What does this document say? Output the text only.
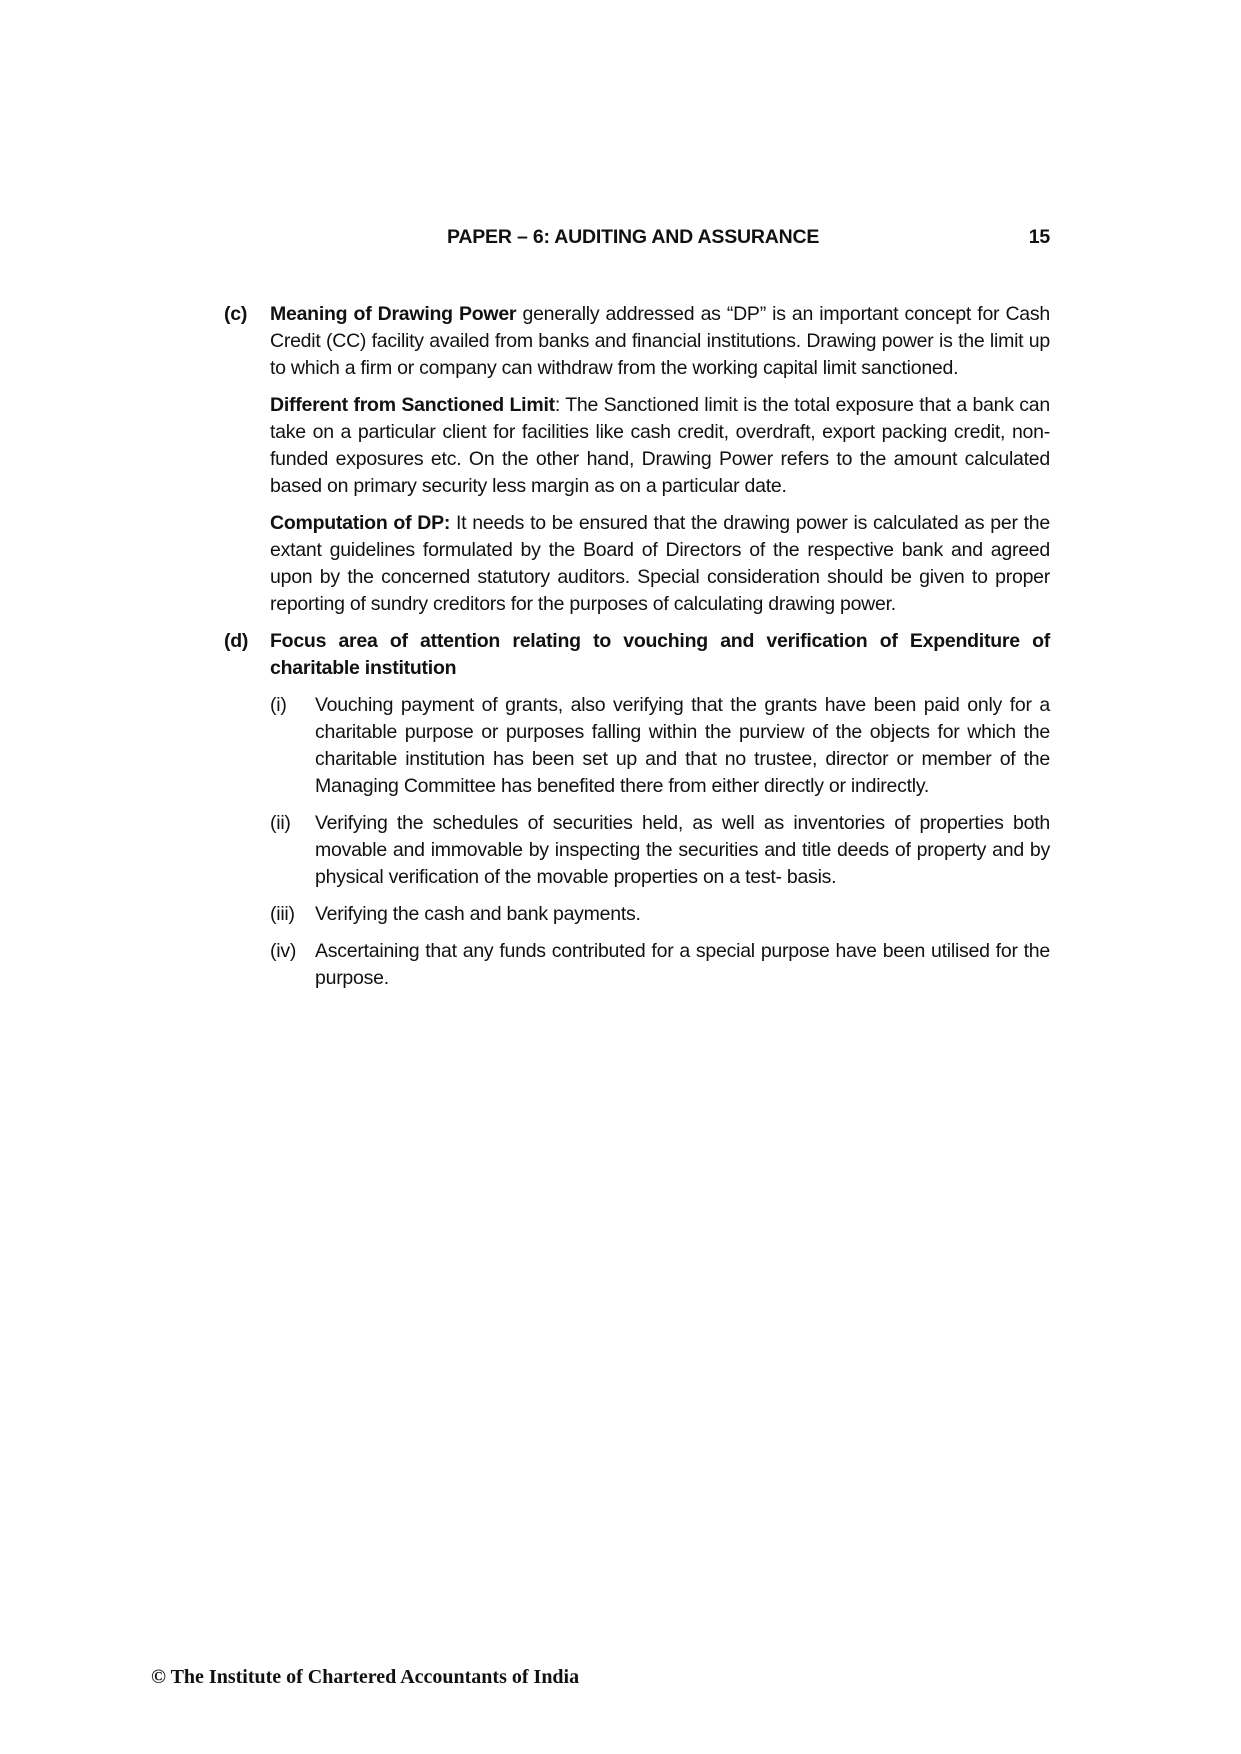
PAPER – 6: AUDITING AND ASSURANCE	15
(c) Meaning of Drawing Power generally addressed as “DP” is an important concept for Cash Credit (CC) facility availed from banks and financial institutions. Drawing power is the limit up to which a firm or company can withdraw from the working capital limit sanctioned.

Different from Sanctioned Limit: The Sanctioned limit is the total exposure that a bank can take on a particular client for facilities like cash credit, overdraft, export packing credit, non-funded exposures etc. On the other hand, Drawing Power refers to the amount calculated based on primary security less margin as on a particular date.

Computation of DP: It needs to be ensured that the drawing power is calculated as per the extant guidelines formulated by the Board of Directors of the respective bank and agreed upon by the concerned statutory auditors. Special consideration should be given to proper reporting of sundry creditors for the purposes of calculating drawing power.

(d) Focus area of attention relating to vouching and verification of Expenditure of charitable institution

(i) Vouching payment of grants, also verifying that the grants have been paid only for a charitable purpose or purposes falling within the purview of the objects for which the charitable institution has been set up and that no trustee, director or member of the Managing Committee has benefited there from either directly or indirectly.
(ii) Verifying the schedules of securities held, as well as inventories of properties both movable and immovable by inspecting the securities and title deeds of property and by physical verification of the movable properties on a test- basis.
(iii) Verifying the cash and bank payments.
(iv) Ascertaining that any funds contributed for a special purpose have been utilised for the purpose.
© The Institute of Chartered Accountants of India
